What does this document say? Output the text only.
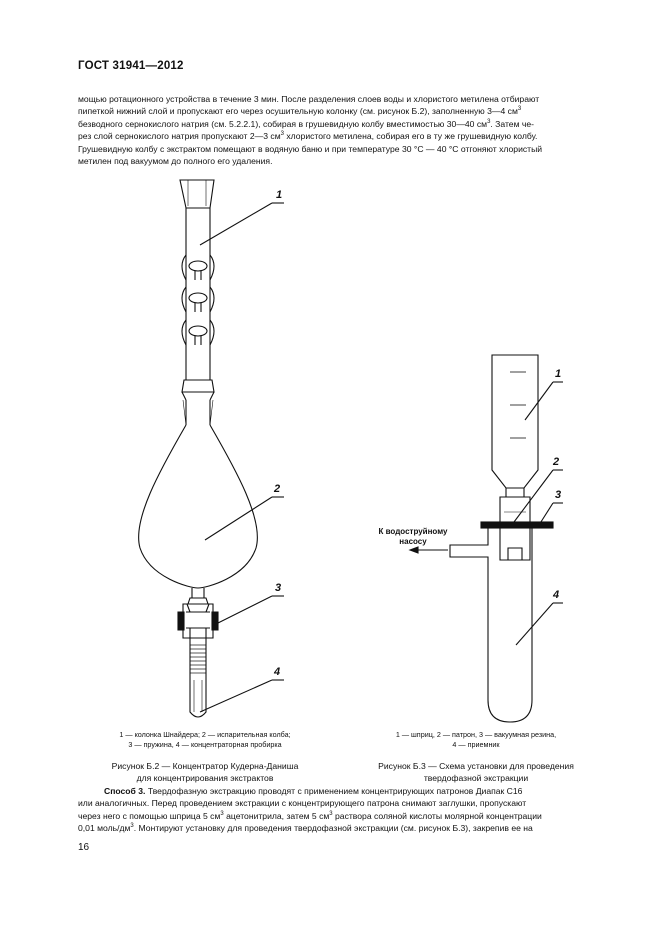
ГОСТ 31941—2012

мощью ротационного устройства в течение 3 мин. После разделения слоев воды и хлористого метилена отбирают

пипеткой нижний слой и пропускают его через осушительную колонку (см. рисунок Б.2), заполненную 3—4 $см^3$

безводного сернокислого натрия (см. 5.2.2.1), собирая в грушевидную колбу вместимостью 30—40 $см^3$. Затем че-

рез слой сернокислого натрия пропускают 2—3 $см^3$ хлористого метилена, собирая его в ту же грушевидную колбу.

Грушевидную колбу с экстрактом помещают в водяную баню и при температуре 30 °С — 40 °С отгоняют хлористый

метилен под вакуумом до полного его удаления.

1
2
3
4
1
2
3
4
К водоструйному
насосу
1 — колонка Шнайдера; 2 — испарительная колба;
3 — пружина, 4 — концентраторная пробирка
1 — шприц, 2 — патрон, 3 — вакуумная резина,
4 — приемник
Рисунок Б.2 — Концентратор Кудерна-Даниша
для концентрирования экстрактов
Рисунок Б.3 — Схема установки для проведения
твердофазной экстракции

Способ 3. Твердофазную экстракцию проводят с применением концентрирующих патронов Диапак С16

или аналогичных. Перед проведением экстракции с концентрирующего патрона снимают заглушки, пропускают

через него с помощью шприца 5 $см^3$ ацетонитрила, затем 5 $см^3$ раствора соляной кислоты молярной концентрации

0,01 моль/$дм^3$. Монтируют установку для проведения твердофазной экстракции (см. рисунок Б.3), закрепив ее на

16
